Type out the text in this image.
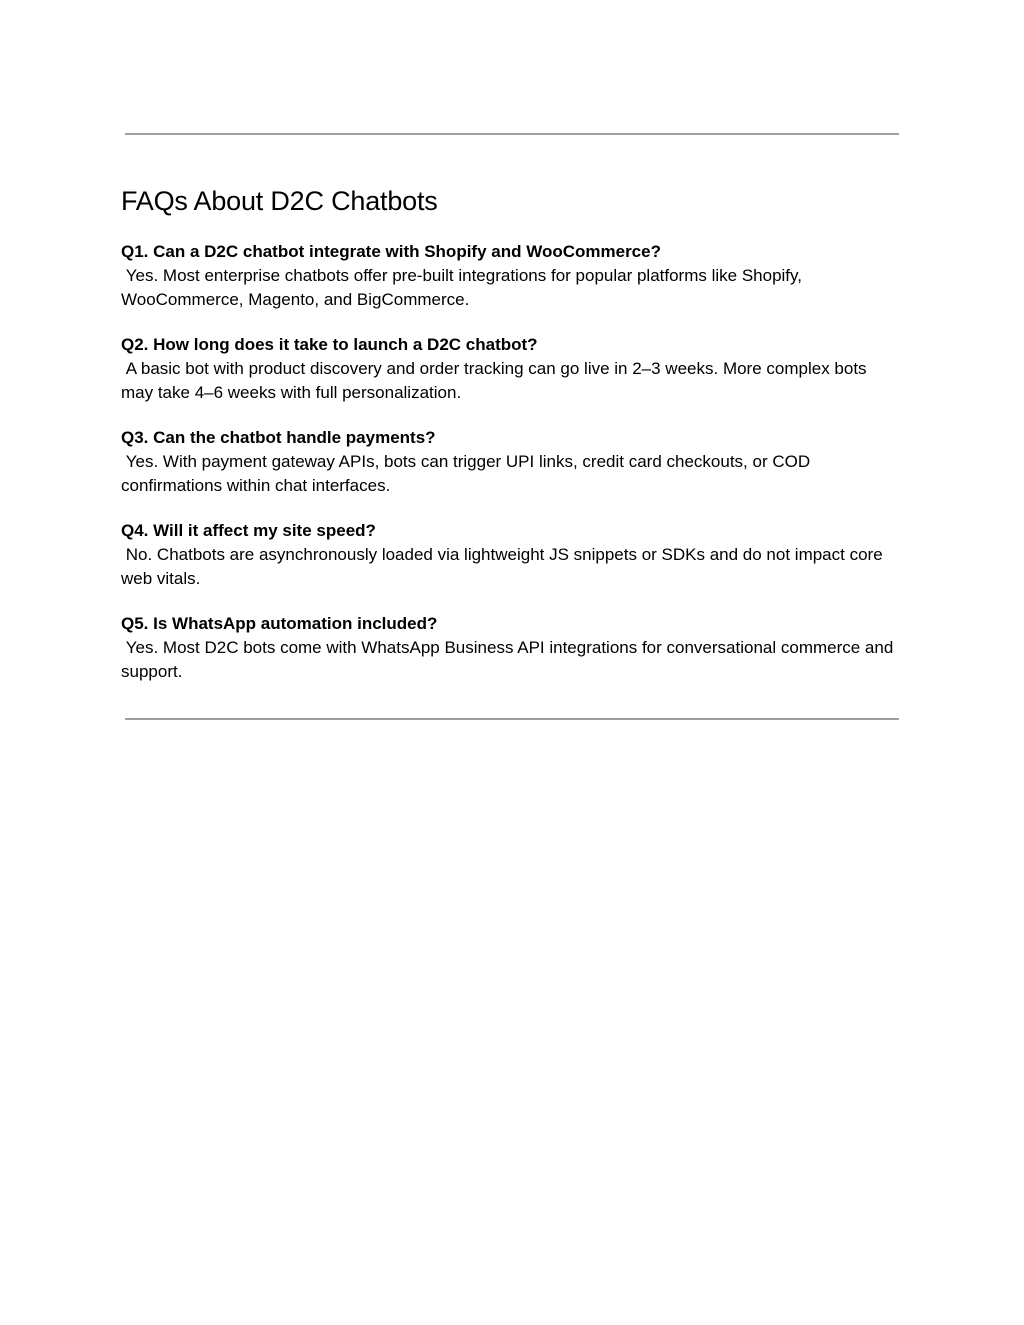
FAQs About D2C Chatbots

Q1. Can a D2C chatbot integrate with Shopify and WooCommerce?

Yes. Most enterprise chatbots offer pre-built integrations for popular platforms like Shopify, WooCommerce, Magento, and BigCommerce.

Q2. How long does it take to launch a D2C chatbot?

A basic bot with product discovery and order tracking can go live in 2–3 weeks. More complex bots may take 4–6 weeks with full personalization.

Q3. Can the chatbot handle payments?

Yes. With payment gateway APIs, bots can trigger UPI links, credit card checkouts, or COD confirmations within chat interfaces.

Q4. Will it affect my site speed?

No. Chatbots are asynchronously loaded via lightweight JS snippets or SDKs and do not impact core web vitals.

Q5. Is WhatsApp automation included?

Yes. Most D2C bots come with WhatsApp Business API integrations for conversational commerce and support.
